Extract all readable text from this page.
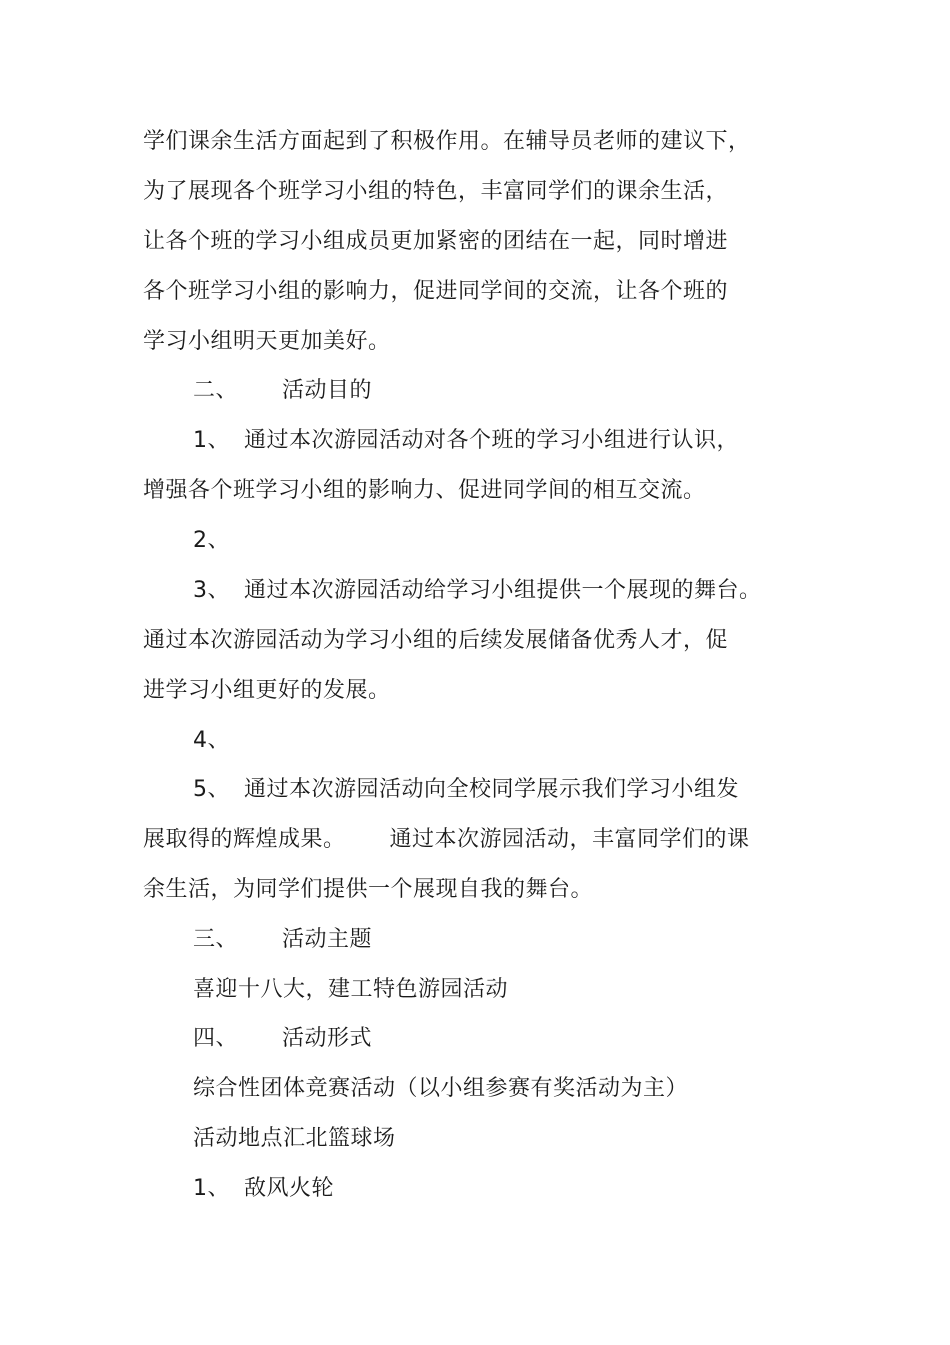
学们课余生活方面起到了积极作用。在辅导员老师的建议下，
为了展现各个班学习小组的特色，丰富同学们的课余生活，
让各个班的学习小组成员更加紧密的团结在一起，同时增进
各个班学习小组的影响力，促进同学间的交流，让各个班的
学习小组明天更加美好。
二、 活动目的
1、 通过本次游园活动对各个班的学习小组进行认识，
增强各个班学习小组的影响力、促进同学间的相互交流。
2、
3、 通过本次游园活动给学习小组提供一个展现的舞台。
通过本次游园活动为学习小组的后续发展储备优秀人才，促
进学习小组更好的发展。
4、
5、 通过本次游园活动向全校同学展示我们学习小组发
展取得的辉煌成果。 通过本次游园活动，丰富同学们的课
余生活，为同学们提供一个展现自我的舞台。
三、 活动主题
喜迎十八大，建工特色游园活动
四、 活动形式
综合性团体竞赛活动（以小组参赛有奖活动为主）
活动地点汇北篮球场
1、 敌风火轮
